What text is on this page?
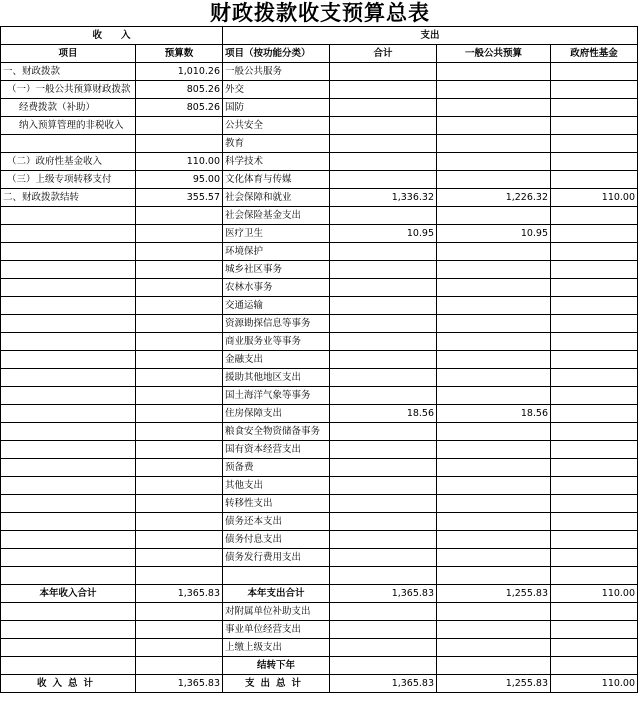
财政拨款收支预算总表
收　　入		支出			
项目	预算数	项目（按功能分类）	合计	一般公共预算	政府性基金
一、财政拨款	1,010.26	一般公共服务			
（一）一般公共预算财政拨款	805.26	外交			
经费拨款（补助）	805.26	国防			
纳入预算管理的非税收入		公共安全			
		教育			
（二）政府性基金收入	110.00	科学技术			
（三）上级专项转移支付	95.00	文化体育与传媒			
二、财政拨款结转	355.57	社会保障和就业	1,336.32	1,226.32	110.00
		社会保险基金支出			
		医疗卫生	10.95	10.95	
		环境保护			
		城乡社区事务			
		农林水事务			
		交通运输			
		资源勘探信息等事务			
		商业服务业等事务			
		金融支出			
		援助其他地区支出			
		国土海洋气象等事务			
		住房保障支出	18.56	18.56	
		粮食安全物资储备事务			
		国有资本经营支出			
		预备费			
		其他支出			
		转移性支出			
		债务还本支出			
		债务付息支出			
		债务发行费用支出			

本年收入合计	1,365.83	本年支出合计	1,365.83	1,255.83	110.00
		对附属单位补助支出			
		事业单位经营支出			
		上缴上级支出			
		结转下年			
收入总计	1,365.83	支出总计	1,365.83	1,255.83	110.00
